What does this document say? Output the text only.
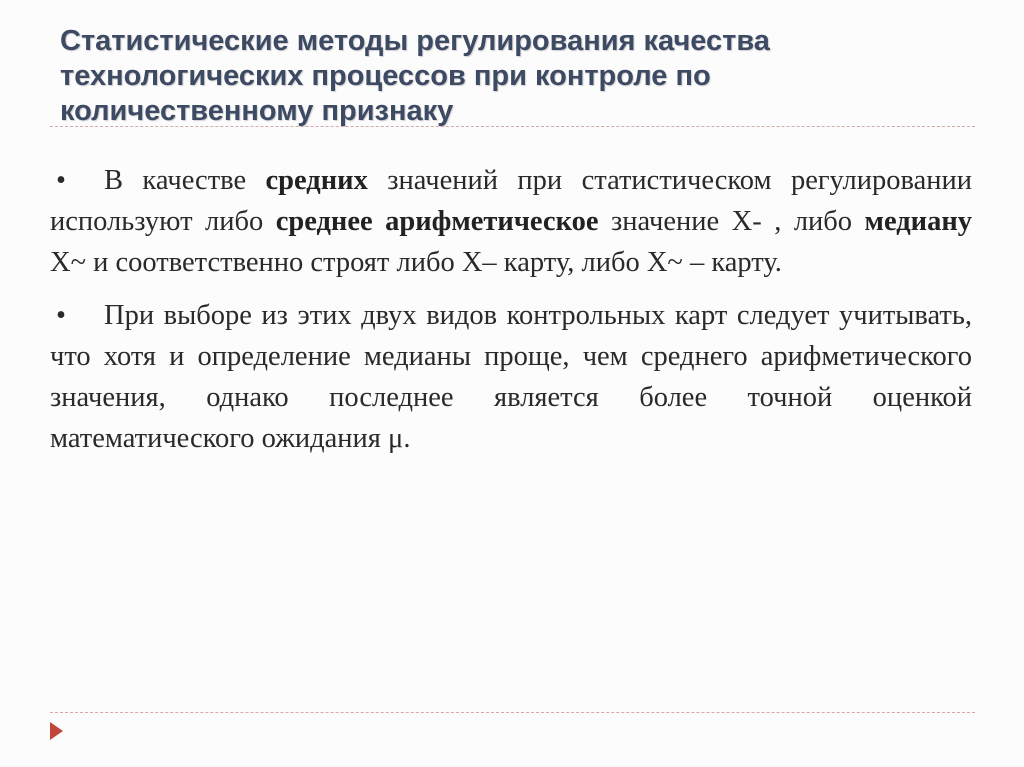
Статистические методы регулирования качества технологических процессов при контроле по количественному признаку
• В качестве средних значений при статистическом регулировании используют либо среднее арифметическое значение X- , либо медиану X~ и соответственно строят либо X– карту, либо X~ – карту.
• При выборе из этих двух видов контрольных карт следует учитывать, что хотя и определение медианы проще, чем среднего арифметического значения, однако последнее является более точной оценкой математического ожидания μ.
